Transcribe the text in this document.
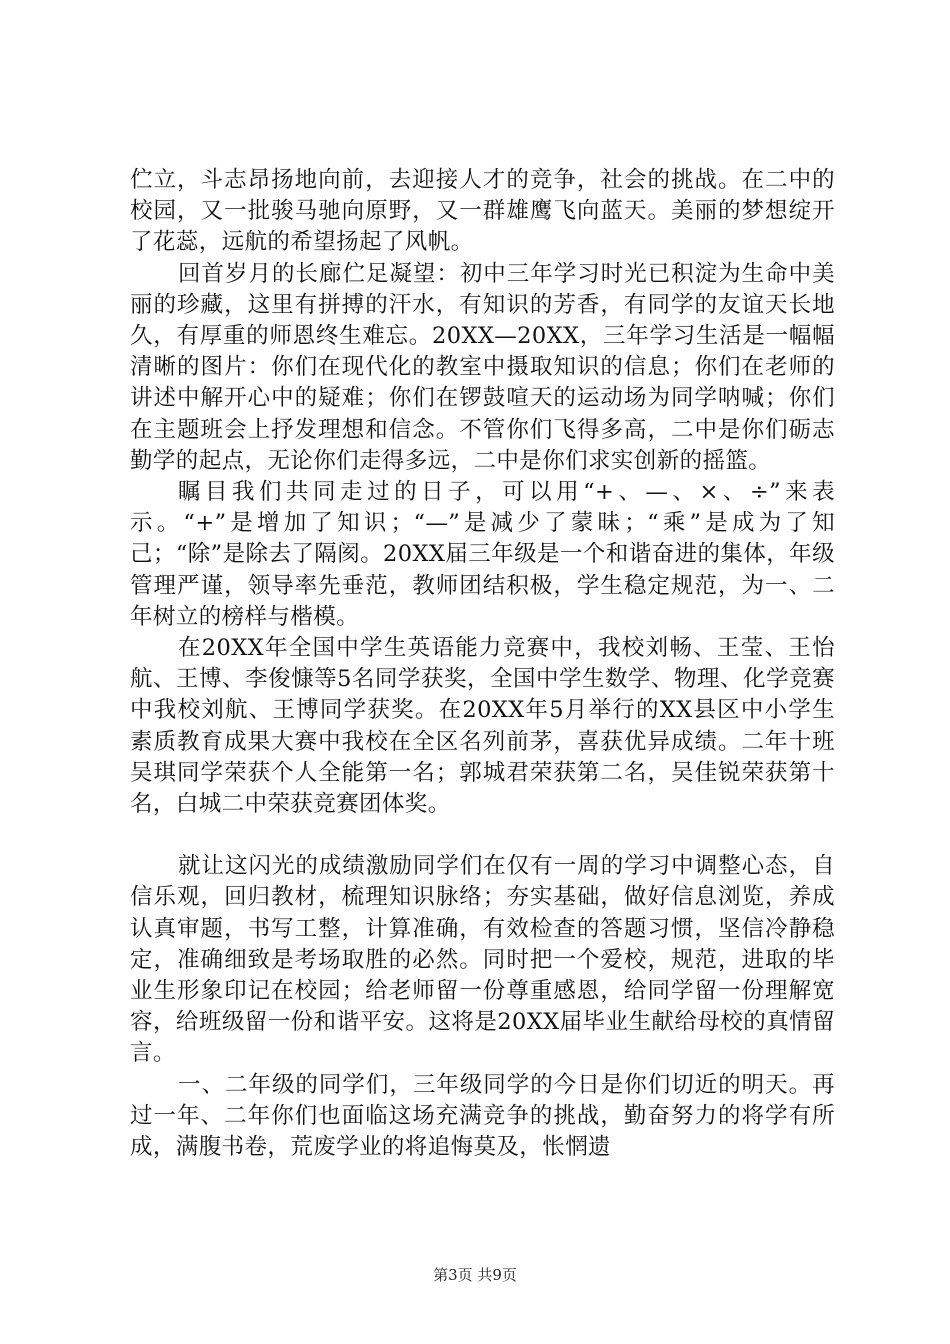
伫立，斗志昂扬地向前，去迎接人才的竞争，社会的挑战。在二中的校园，又一批骏马驰向原野，又一群雄鹰飞向蓝天。美丽的梦想绽开了花蕊，远航的希望扬起了风帆。

回首岁月的长廊伫足凝望：初中三年学习时光已积淀为生命中美丽的珍藏，这里有拼搏的汗水，有知识的芳香，有同学的友谊天长地久，有厚重的师恩终生难忘。20XX—20XX，三年学习生活是一幅幅清晰的图片：你们在现代化的教室中摄取知识的信息；你们在老师的讲述中解开心中的疑难；你们在锣鼓喧天的运动场为同学呐喊；你们在主题班会上抒发理想和信念。不管你们飞得多高，二中是你们砺志勤学的起点，无论你们走得多远，二中是你们求实创新的摇篮。

瞩目我们共同走过的日子，可以用“+、—、×、÷”来表示。“+”是增加了知识；“—”是减少了蒙昧；“乘”是成为了知己；“除”是除去了隔阂。20XX届三年级是一个和谐奋进的集体，年级管理严谨，领导率先垂范，教师团结积极，学生稳定规范，为一、二年树立的榜样与楷模。

在20XX年全国中学生英语能力竞赛中，我校刘畅、王莹、王怡航、王博、李俊慷等5名同学获奖，全国中学生数学、物理、化学竞赛中我校刘航、王博同学获奖。在20XX年5月举行的XX县区中小学生素质教育成果大赛中我校在全区名列前茅，喜获优异成绩。二年十班吴琪同学荣获个人全能第一名；郭城君荣获第二名，吴佳锐荣获第十名，白城二中荣获竞赛团体奖。

就让这闪光的成绩激励同学们在仅有一周的学习中调整心态，自信乐观，回归教材，梳理知识脉络；夯实基础，做好信息浏览，养成认真审题，书写工整，计算准确，有效检查的答题习惯，坚信冷静稳定，准确细致是考场取胜的必然。同时把一个爱校，规范，进取的毕业生形象印记在校园；给老师留一份尊重感恩，给同学留一份理解宽容，给班级留一份和谐平安。这将是20XX届毕业生献给母校的真情留言。

一、二年级的同学们，三年级同学的今日是你们切近的明天。再过一年、二年你们也面临这场充满竞争的挑战，勤奋努力的将学有所成，满腹书卷，荒废学业的将追悔莫及，怅惘遗

第3页 共9页
